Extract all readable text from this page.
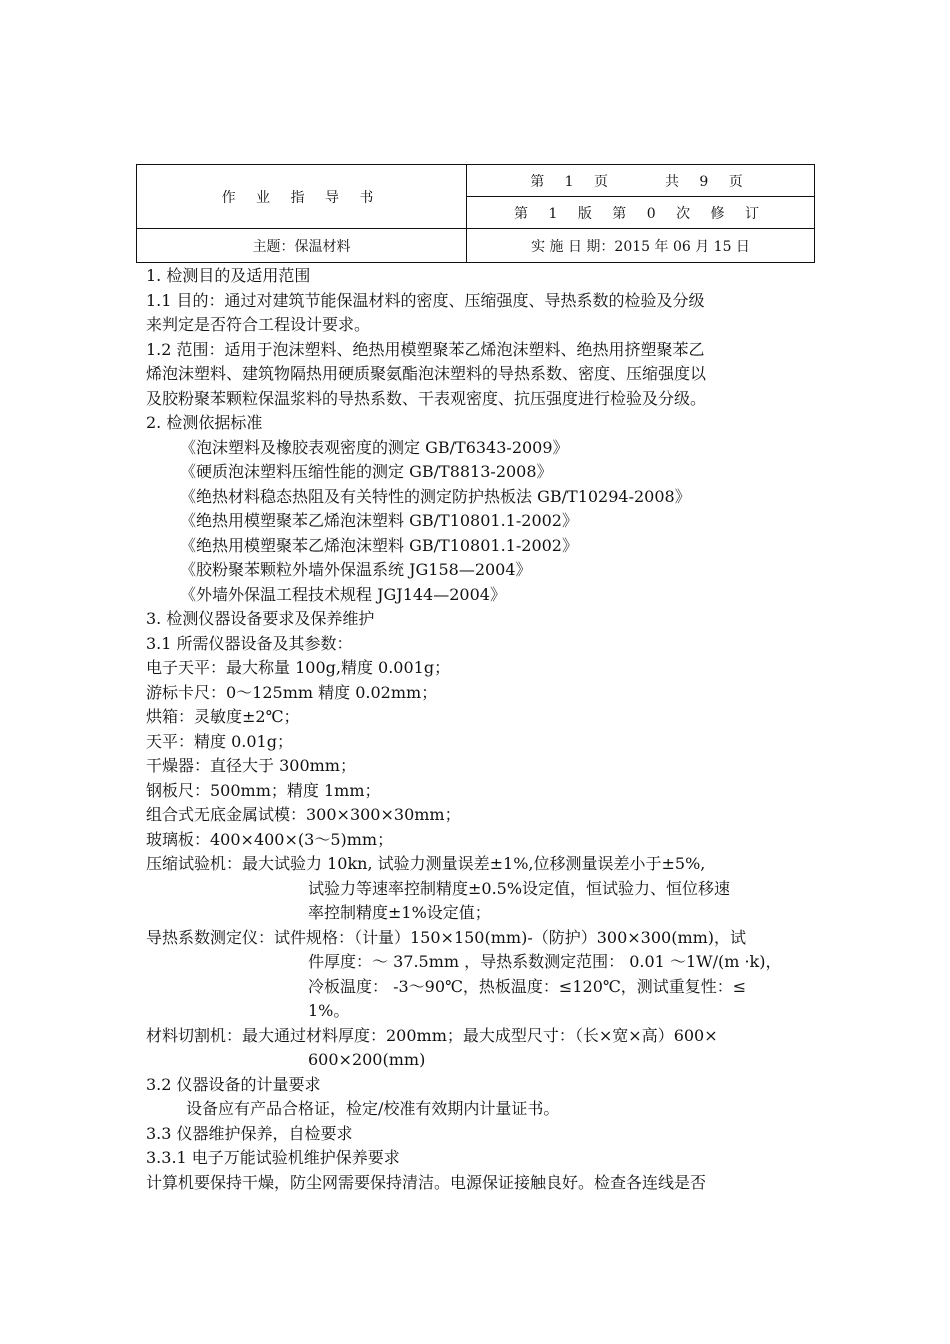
作 业 指 导 书	第 1 页 共 9 页
	第 1 版 第 0 次 修 订
主题：保温材料	实 施 日 期：2015 年 06 月 15 日

1. 检测目的及适用范围

1.1 目的：通过对建筑节能保温材料的密度、压缩强度、导热系数的检验及分级

来判定是否符合工程设计要求。

1.2 范围：适用于泡沫塑料、绝热用模塑聚苯乙烯泡沫塑料、绝热用挤塑聚苯乙

烯泡沫塑料、建筑物隔热用硬质聚氨酯泡沫塑料的导热系数、密度、压缩强度以

及胶粉聚苯颗粒保温浆料的导热系数、干表观密度、抗压强度进行检验及分级。

2. 检测依据标准

《泡沫塑料及橡胶表观密度的测定 GB/T6343-2009》

《硬质泡沫塑料压缩性能的测定 GB/T8813-2008》

《绝热材料稳态热阻及有关特性的测定防护热板法 GB/T10294-2008》

《绝热用模塑聚苯乙烯泡沫塑料 GB/T10801.1-2002》

《绝热用模塑聚苯乙烯泡沫塑料 GB/T10801.1-2002》

《胶粉聚苯颗粒外墙外保温系统 JG158—2004》

《外墙外保温工程技术规程 JGJ144—2004》

3. 检测仪器设备要求及保养维护

3.1 所需仪器设备及其参数：

电子天平：最大称量 100g,精度 0.001g；

游标卡尺：0～125mm 精度 0.02mm；

烘箱：灵敏度±2℃；

天平：精度 0.01g；

干燥器：直径大于 300mm；

钢板尺：500mm；精度 1mm；

组合式无底金属试模：300×300×30mm；

玻璃板：400×400×(3～5)mm；

压缩试验机：最大试验力 10kn, 试验力测量误差±1%,位移测量误差小于±5%,

试验力等速率控制精度±0.5%设定值，恒试验力、恒位移速

率控制精度±1%设定值；

导热系数测定仪：试件规格：（计量）150×150(mm)-（防护）300×300(mm)，试

件厚度：～ 37.5mm ，导热系数测定范围： 0.01 ～1W/(m ·k)，

冷板温度： -3～90℃，热板温度：≤120℃，测试重复性：≤

1%。

材料切割机：最大通过材料厚度：200mm；最大成型尺寸：（长×宽×高）600×

600×200(mm)

3.2 仪器设备的计量要求

设备应有产品合格证，检定/校准有效期内计量证书。

3.3 仪器维护保养，自检要求

3.3.1 电子万能试验机维护保养要求

计算机要保持干燥，防尘网需要保持清洁。电源保证接触良好。检查各连线是否
